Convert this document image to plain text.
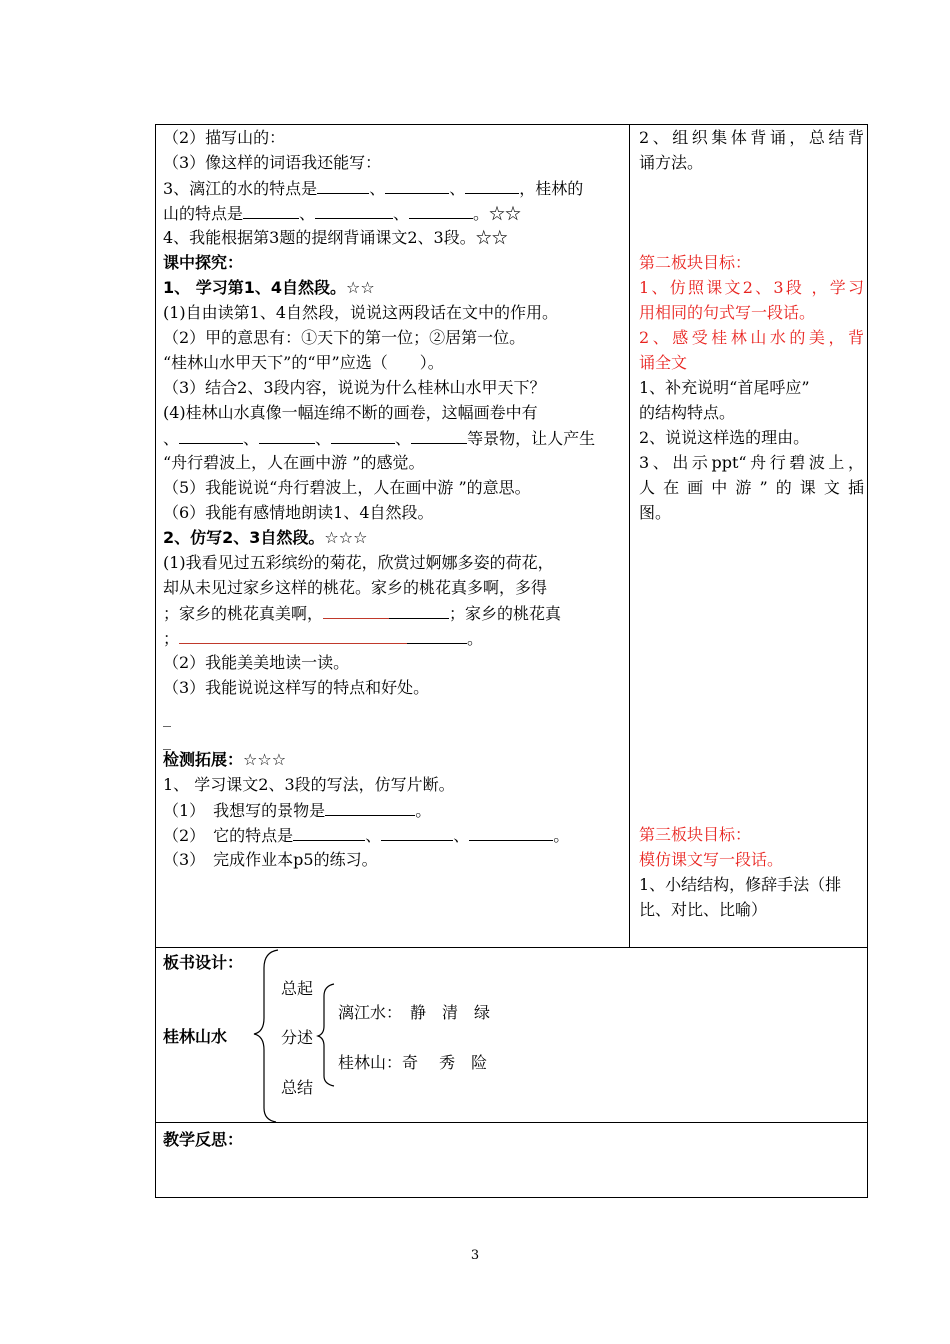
（2）描写山的：
（3）像这样的词语我还能写：
3、漓江的水的特点是	、	、	，桂林的
山的特点是	、	、	。☆☆
4、我能根据第3题的提纲背诵课文2、3段。☆☆
课中探究：
1、 学习第1、4自然段。☆☆
(1)自由读第1、4自然段，说说这两段话在文中的作用。
（2）甲的意思有：①天下的第一位；②居第一位。
“桂林山水甲天下”的“甲”应选（　　）。
（3）结合2、3段内容，说说为什么桂林山水甲天下？
(4)桂林山水真像一幅连绵不断的画卷，这幅画卷中有
、	、	、	、	等景物，让人产生
“舟行碧波上，人在画中游 ”的感觉。
（5）我能说说“舟行碧波上，人在画中游 ”的意思。
（6）我能有感情地朗读1、4自然段。
2、仿写2、3自然段。☆☆☆
(1)我看见过五彩缤纷的菊花，欣赏过婀娜多姿的荷花，
却从未见过家乡这样的桃花。家乡的桃花真多啊，多得
；家乡的桃花真美啊，	；家乡的桃花真
；	。
（2）我能美美地读一读。
（3）我能说说这样写的特点和好处。
_
_
检测拓展：☆☆☆
1、 学习课文2、3段的写法，仿写片断。
（1）　我想写的景物是	。
（2）　它的特点是	、	、	。
（3）　完成作业本p5的练习。
2、组织集体背诵，总结背
诵方法。
第二板块目标：
1、仿照课文2、3段 ，学习
用相同的句式写一段话。
2、感受桂林山水的美，背
诵全文
1、补充说明“首尾呼应”
的结构特点。
2、说说这样选的理由。
3、出示ppt“舟行碧波上，
人在画中游”的课文插
图。
第三板块目标：
模仿课文写一段话。
1、小结结构，修辞手法（排
比、对比、比喻）
板书设计：
桂林山水
总起
分述
总结
漓江水：　静　清　绿
桂林山：奇　 秀　险
教学反思：
3
